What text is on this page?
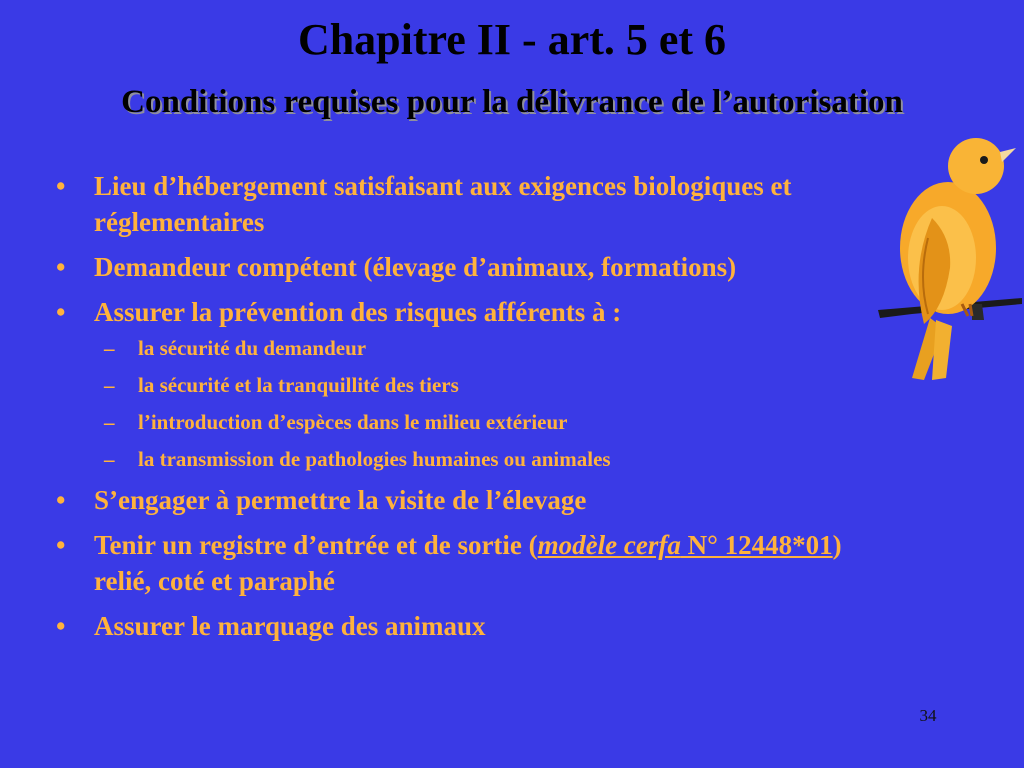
Chapitre II - art. 5 et 6
Conditions requises pour la délivrance de l’autorisation
• Lieu d’hébergement satisfaisant aux exigences biologiques et réglementaires
• Demandeur compétent (élevage d’animaux, formations)
• Assurer la prévention des risques afférents à :
– la sécurité du demandeur
– la sécurité et la tranquillité des tiers
– l’introduction d’espèces dans le milieu extérieur
– la transmission de pathologies humaines ou animales
• S’engager à permettre la visite de l’élevage
• Tenir un registre d’entrée et de sortie (modèle cerfa N° 12448*01) relié, coté et paraphé
• Assurer le marquage des animaux
34
